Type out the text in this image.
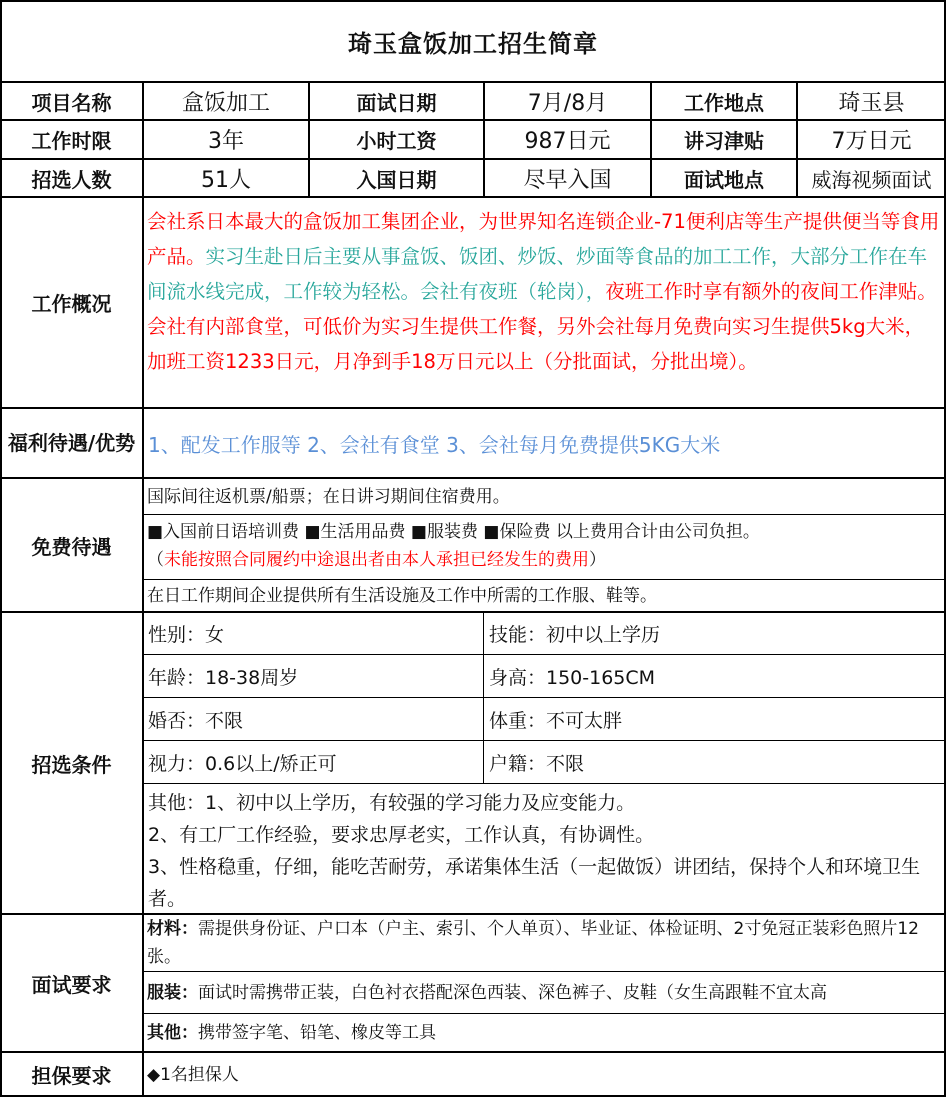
琦玉盒饭加工招生简章
项目名称	盒饭加工	面试日期	7月/8月	工作地点	琦玉县
工作时限	3年	小时工资	987日元	讲习津贴	7万日元
招选人数	51人	入国日期	尽早入国	面试地点	威海视频面试
工作概况
会社系日本最大的盒饭加工集团企业，为世界知名连锁企业-71便利店等生产提供便当等食用产品。实习生赴日后主要从事盒饭、饭团、炒饭、炒面等食品的加工工作，大部分工作在车间流水线完成，工作较为轻松。会社有夜班（轮岗），夜班工作时享有额外的夜间工作津贴。会社有内部食堂，可低价为实习生提供工作餐，另外会社每月免费向实习生提供5kg大米，加班工资1233日元，月净到手18万日元以上（分批面试，分批出境）。
福利待遇/优势 1、配发工作服等 2、会社有食堂 3、会社每月免费提供5KG大米
免费待遇
国际间往返机票/船票；在日讲习期间住宿费用。
■入国前日语培训费 ■生活用品费 ■服装费 ■保险费 以上费用合计由公司负担。
（未能按照合同履约中途退出者由本人承担已经发生的费用）
在日工作期间企业提供所有生活设施及工作中所需的工作服、鞋等。
招选条件
性别：女	技能：初中以上学历
年龄：18-38周岁	身高：150-165CM
婚否：不限	体重：不可太胖
视力：0.6以上/矫正可	户籍：不限
其他：1、初中以上学历，有较强的学习能力及应变能力。
2、有工厂工作经验，要求忠厚老实，工作认真，有协调性。
3、性格稳重，仔细，能吃苦耐劳，承诺集体生活（一起做饭）讲团结，保持个人和环境卫生者。
面试要求
材料：需提供身份证、户口本（户主、索引、个人单页）、毕业证、体检证明、2寸免冠正装彩色照片12张。
服装：面试时需携带正装，白色衬衣搭配深色西装、深色裤子、皮鞋（女生高跟鞋不宜太高
其他：携带签字笔、铅笔、橡皮等工具
担保要求	◆1名担保人
